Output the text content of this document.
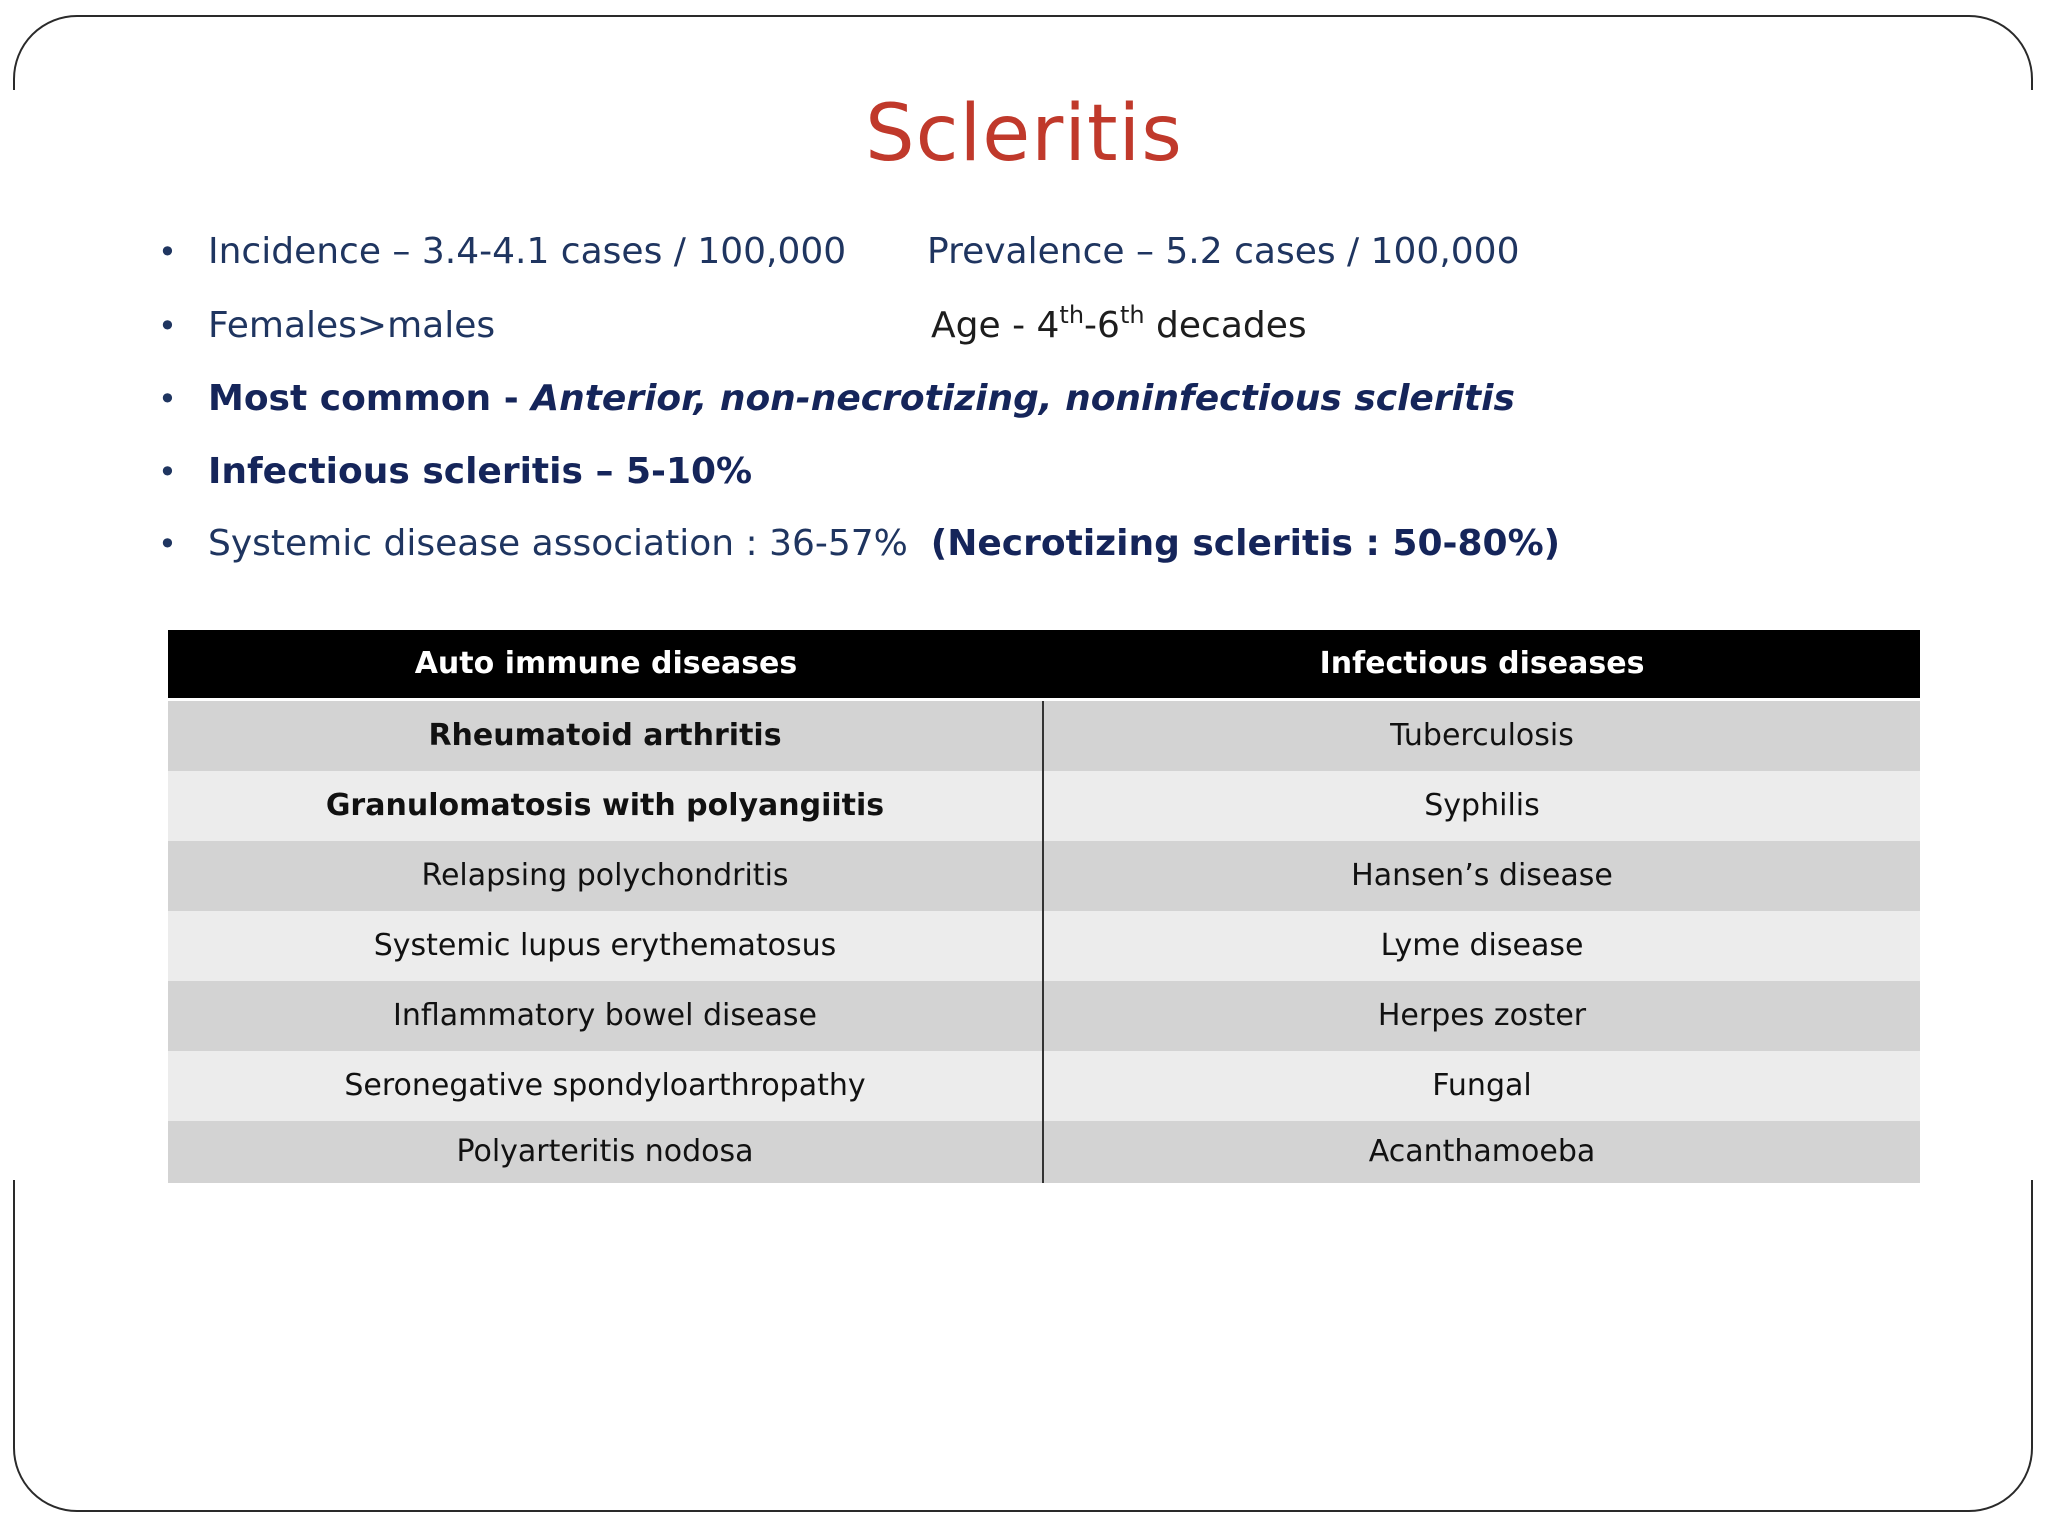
Scleritis
• Incidence – 3.4-4.1 cases / 100,000 Prevalence – 5.2 cases / 100,000
• Females>males	Age - 4th-6th decades
• Most common - Anterior, non-necrotizing, noninfectious scleritis
• Infectious scleritis – 5-10%
• Systemic disease association : 36-57% (Necrotizing scleritis : 50-80%)
Auto immune diseases	Infectious diseases
Rheumatoid arthritis	Tuberculosis
Granulomatosis with polyangiitis	Syphilis
Relapsing polychondritis	Hansen’s disease
Systemic lupus erythematosus	Lyme disease
Inflammatory bowel disease	Herpes zoster
Seronegative spondyloarthropathy	Fungal
Polyarteritis nodosa	Acanthamoeba
